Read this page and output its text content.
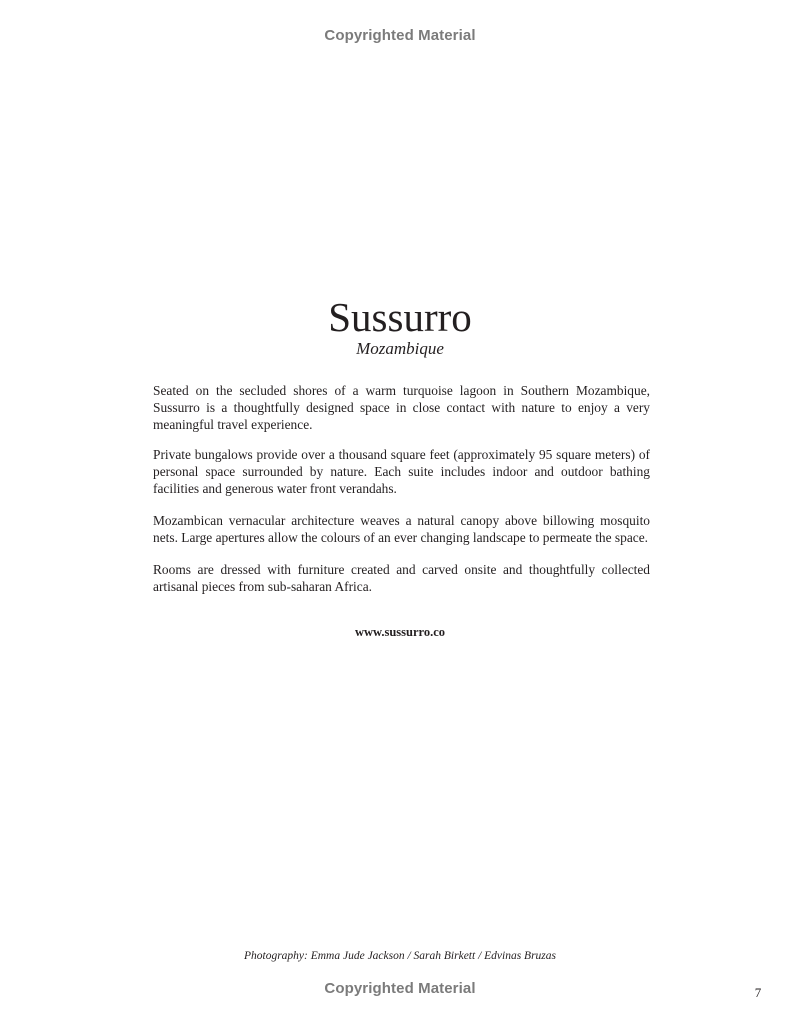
Copyrighted Material
Sussurro
Mozambique
Seated on the secluded shores of a warm turquoise lagoon in Southern Mozambique, Sussurro is a thoughtfully designed space in close contact with nature to enjoy a very meaningful travel experience.
Private bungalows provide over a thousand square feet (approximately 95 square meters) of personal space surrounded by nature. Each suite includes indoor and outdoor bathing facilities and generous water front verandahs.
Mozambican vernacular architecture weaves a natural canopy above billowing mosquito nets. Large apertures allow the colours of an ever changing landscape to permeate the space.
Rooms are dressed with furniture created and carved onsite and thoughtfully collected artisanal pieces from sub-saharan Africa.
www.sussurro.co
Photography: Emma Jude Jackson / Sarah Birkett / Edvinas Bruzas
Copyrighted Material	7
